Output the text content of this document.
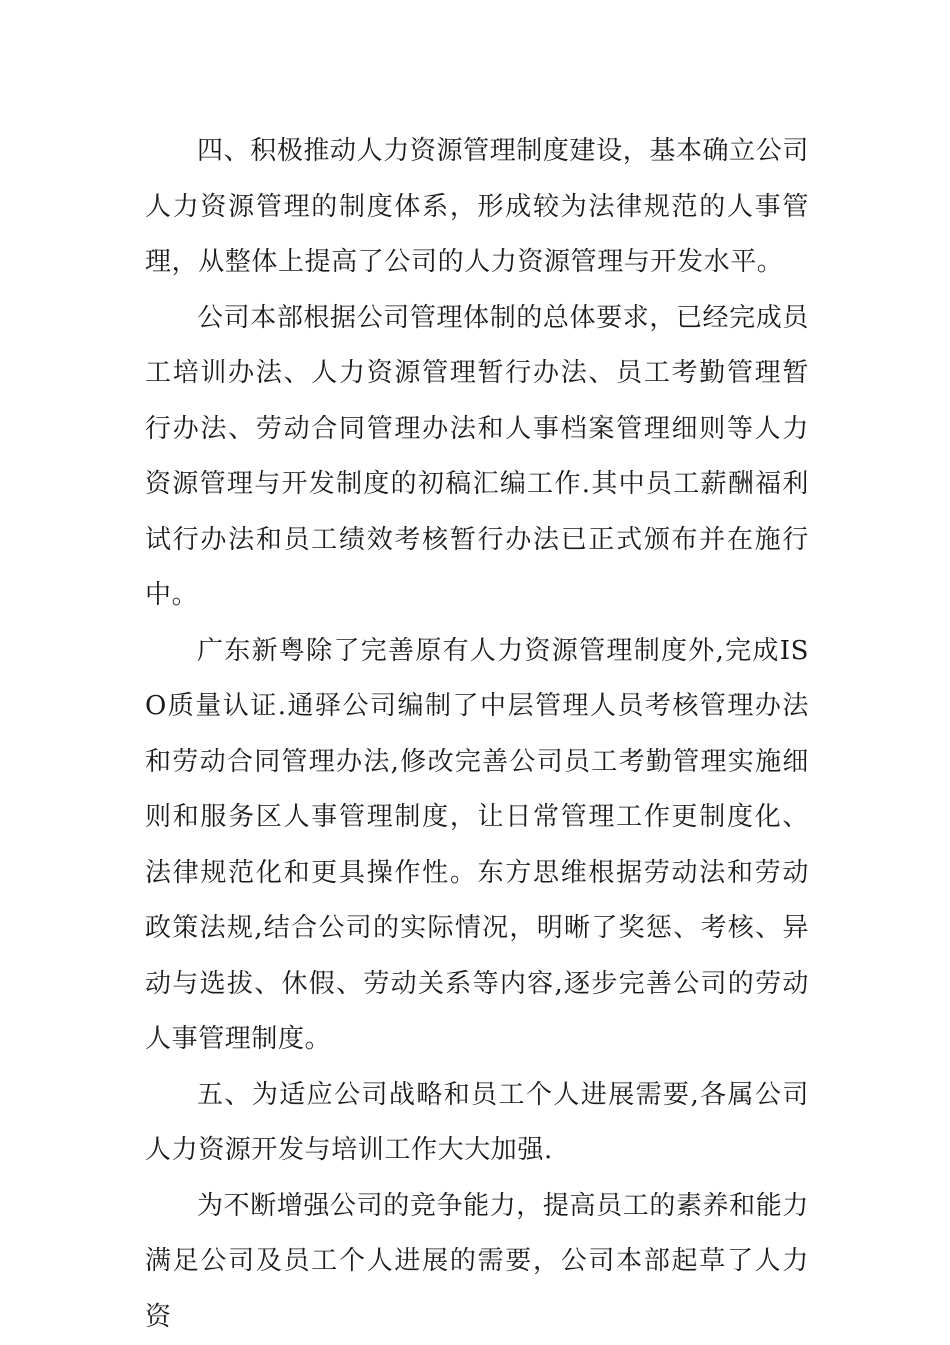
四、积极推动人力资源管理制度建设，基本确立公司人力资源管理的制度体系，形成较为法律规范的人事管理，从整体上提高了公司的人力资源管理与开发水平。

公司本部根据公司管理体制的总体要求，已经完成员工培训办法、人力资源管理暂行办法、员工考勤管理暂行办法、劳动合同管理办法和人事档案管理细则等人力资源管理与开发制度的初稿汇编工作.其中员工薪酬福利试行办法和员工绩效考核暂行办法已正式颁布并在施行中。

广东新粤除了完善原有人力资源管理制度外,完成ISO质量认证.通驿公司编制了中层管理人员考核管理办法和劳动合同管理办法,修改完善公司员工考勤管理实施细则和服务区人事管理制度，让日常管理工作更制度化、法律规范化和更具操作性。东方思维根据劳动法和劳动政策法规,结合公司的实际情况，明晰了奖惩、考核、异动与选拔、休假、劳动关系等内容,逐步完善公司的劳动人事管理制度。

五、为适应公司战略和员工个人进展需要,各属公司人力资源开发与培训工作大大加强.

为不断增强公司的竞争能力，提高员工的素养和能力满足公司及员工个人进展的需要，公司本部起草了人力资
